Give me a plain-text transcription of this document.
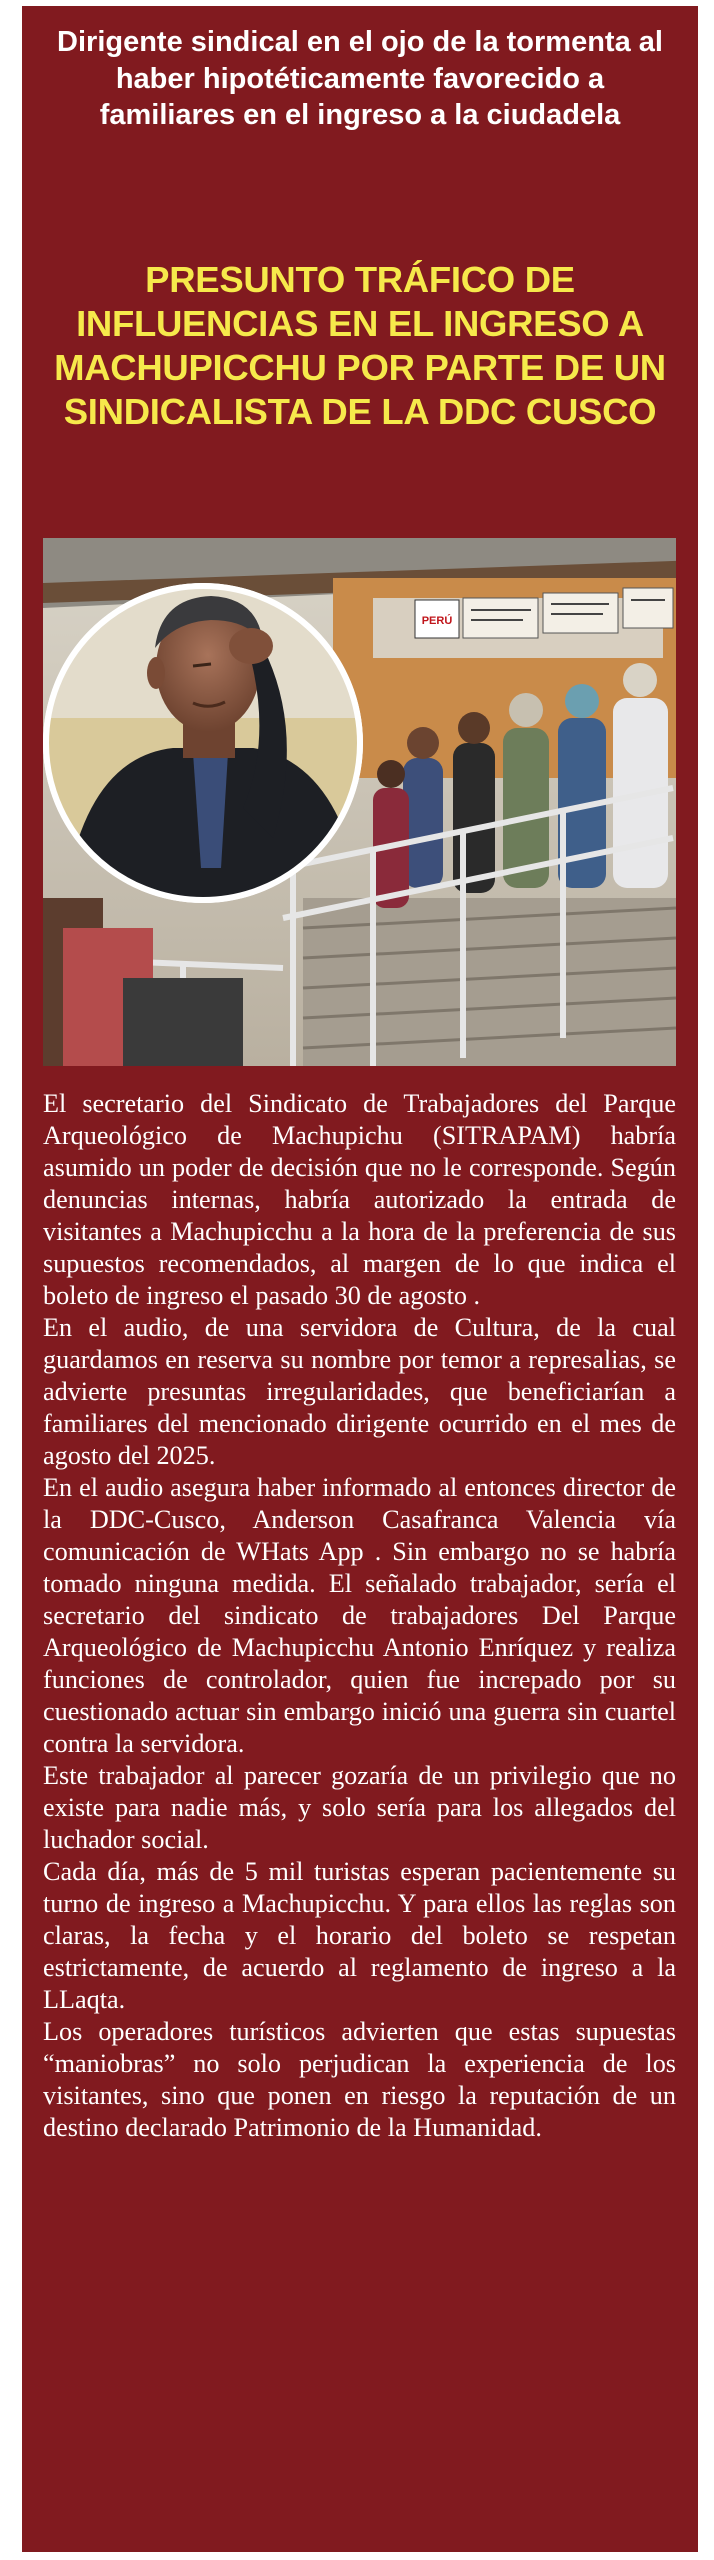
Dirigente sindical en el ojo de la tormenta al haber hipotéticamente favorecido a familiares en el ingreso a la ciudadela
PRESUNTO TRÁFICO DE INFLUENCIAS EN EL INGRESO A MACHUPICCHU POR PARTE DE UN SINDICALISTA DE LA DDC CUSCO
PERÚ

El secretario del Sindicato de Trabajadores del Parque Arqueológico de Machupichu (SITRAPAM) habría asumido un poder de decisión que no le corresponde. Según denuncias internas, habría autorizado la entrada de visitantes a Machupicchu a la hora de la preferencia de sus supuestos recomendados, al margen de lo que indica el boleto de ingreso el pasado 30 de agosto .

En el audio, de una servidora de Cultura, de la cual guardamos en reserva su nombre por temor a represalias, se advierte presuntas irregularidades, que beneficiarían a familiares del mencionado dirigente ocurrido en el mes de agosto del 2025.

En el audio asegura haber informado al entonces director de la DDC-Cusco, Anderson Casafranca Valencia vía comunicación de WHats App . Sin embargo no se habría tomado ninguna medida. El señalado trabajador, sería el secretario del sindicato de trabajadores Del Parque Arqueológico de Machupicchu Antonio Enríquez y realiza funciones de controlador, quien fue increpado por su cuestionado actuar sin embargo inició una guerra sin cuartel contra la servidora.

Este trabajador al parecer gozaría de un privilegio que no existe para nadie más, y solo sería para los allegados del luchador social.

Cada día, más de 5 mil turistas esperan pacientemente su turno de ingreso a Machupicchu. Y para ellos las reglas son claras, la fecha y el horario del boleto se respetan estrictamente, de acuerdo al reglamento de ingreso a la LLaqta.

Los operadores turísticos advierten que estas supuestas “maniobras” no solo perjudican la experiencia de los visitantes, sino que ponen en riesgo la reputación de un destino declarado Patrimonio de la Humanidad.
